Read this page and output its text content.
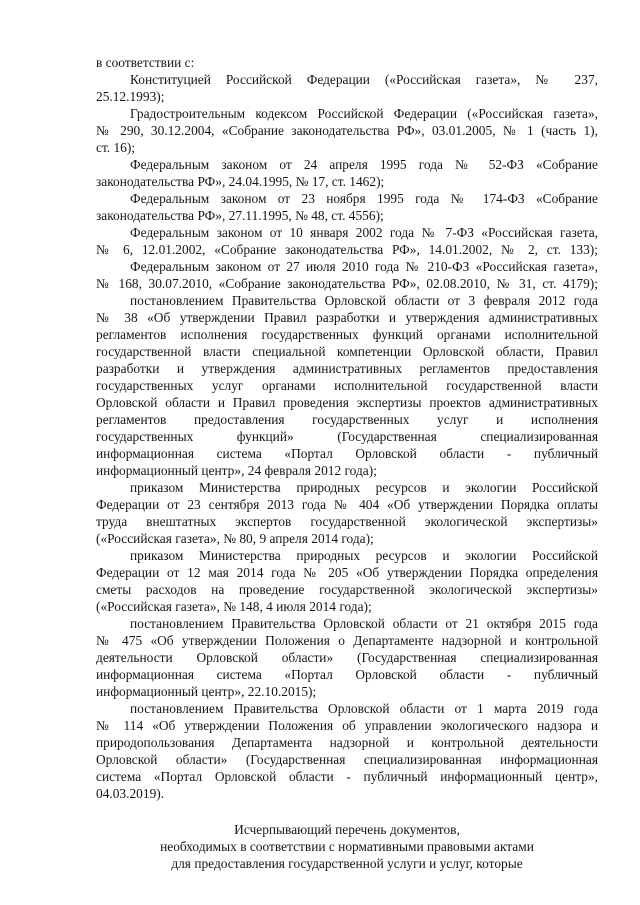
в соответствии с:
Конституцией Российской Федерации («Российская газета», № 237,
25.12.1993);
Градостроительным кодексом Российской Федерации («Российская газета»,
№ 290, 30.12.2004, «Собрание законодательства РФ», 03.01.2005, № 1 (часть 1),
ст. 16);
Федеральным законом от 24 апреля 1995 года № 52-ФЗ «Собрание
законодательства РФ», 24.04.1995, № 17, ст. 1462);
Федеральным законом от 23 ноября 1995 года № 174-ФЗ «Собрание
законодательства РФ», 27.11.1995, № 48, ст. 4556);
Федеральным законом от 10 января 2002 года № 7-ФЗ «Российская газета,
№ 6, 12.01.2002, «Собрание законодательства РФ», 14.01.2002, № 2, ст. 133);
Федеральным законом от 27 июля 2010 года № 210-ФЗ «Российская газета»,
№ 168, 30.07.2010, «Собрание законодательства РФ», 02.08.2010, № 31, ст. 4179);
постановлением Правительства Орловской области от 3 февраля 2012 года
№ 38 «Об утверждении Правил разработки и утверждения административных
регламентов исполнения государственных функций органами исполнительной
государственной власти специальной компетенции Орловской области, Правил
разработки и утверждения административных регламентов предоставления
государственных услуг органами исполнительной государственной власти
Орловской области и Правил проведения экспертизы проектов административных
регламентов предоставления государственных услуг и исполнения
государственных функций» (Государственная специализированная
информационная система «Портал Орловской области - публичный
информационный центр», 24 февраля 2012 года);
приказом Министерства природных ресурсов и экологии Российской
Федерации от 23 сентября 2013 года № 404 «Об утверждении Порядка оплаты
труда внештатных экспертов государственной экологической экспертизы»
(«Российская газета», № 80, 9 апреля 2014 года);
приказом Министерства природных ресурсов и экологии Российской
Федерации от 12 мая 2014 года № 205 «Об утверждении Порядка определения
сметы расходов на проведение государственной экологической экспертизы»
(«Российская газета», № 148, 4 июля 2014 года);
постановлением Правительства Орловской области от 21 октября 2015 года
№ 475 «Об утверждении Положения о Департаменте надзорной и контрольной
деятельности Орловской области» (Государственная специализированная
информационная система «Портал Орловской области - публичный
информационный центр», 22.10.2015);
постановлением Правительства Орловской области от 1 марта 2019 года
№ 114 «Об утверждении Положения об управлении экологического надзора и
природопользования Департамента надзорной и контрольной деятельности
Орловской области» (Государственная специализированная информационная
система «Портал Орловской области - публичный информационный центр»,
04.03.2019).
Исчерпывающий перечень документов,
необходимых в соответствии с нормативными правовыми актами
для предоставления государственной услуги и услуг, которые
